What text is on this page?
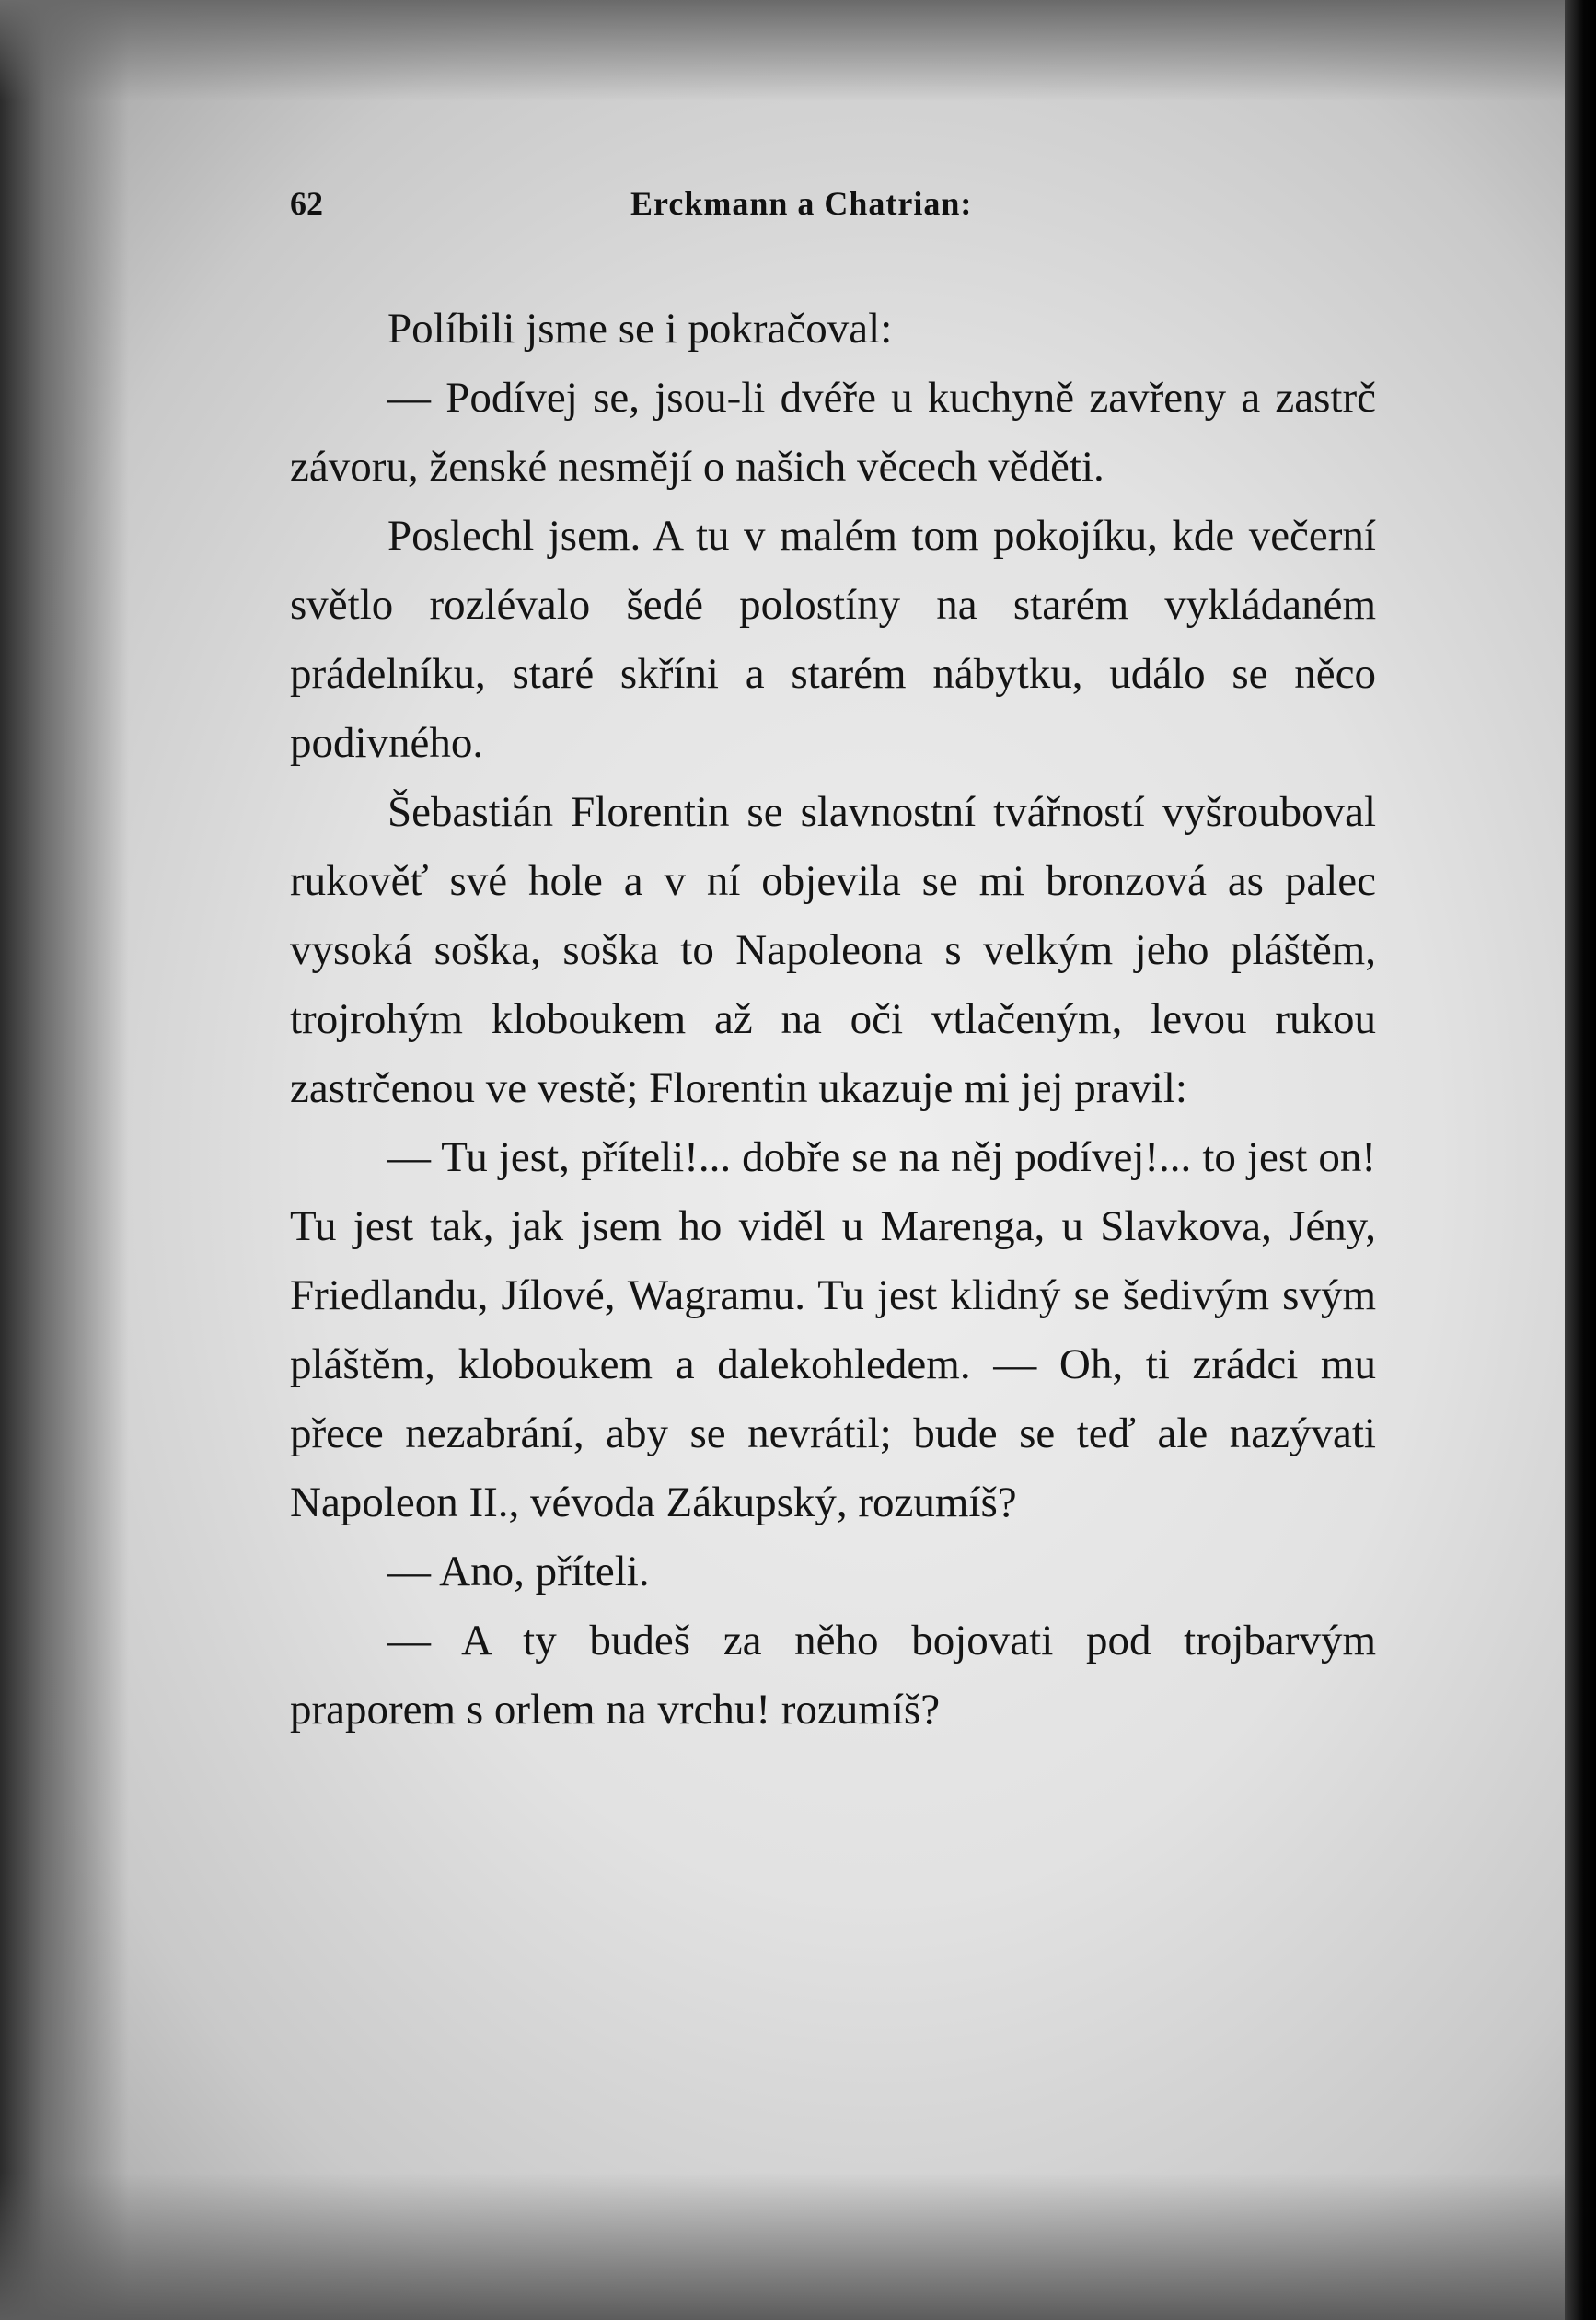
62	Erckmann a Chatrian:

Políbili jsme se i pokračoval:

— Podívej se, jsou-li dvéře u kuchyně zavřeny a zastrč závoru, ženské nesmějí o našich věcech věděti.

Poslechl jsem. A tu v malém tom pokojíku, kde večerní světlo rozlévalo šedé polostíny na starém vykládaném prádelníku, staré skříni a starém nábytku, událo se něco podivného.

Šebastián Florentin se slavnostní tvářností vyšrouboval rukověť své hole a v ní objevila se mi bronzová as palec vysoká soška, soška to Napoleona s velkým jeho pláštěm, trojrohým kloboukem až na oči vtlačeným, levou rukou zastrčenou ve vestě; Florentin ukazuje mi jej pravil:

— Tu jest, příteli!... dobře se na něj podívej!... to jest on! Tu jest tak, jak jsem ho viděl u Marenga, u Slavkova, Jény, Friedlandu, Jílové, Wagramu. Tu jest klidný se šedivým svým pláštěm, kloboukem a dalekohledem. — Oh, ti zrádci mu přece nezabrání, aby se nevrátil; bude se teď ale nazývati Napoleon II., vévoda Zákupský, rozumíš?

— Ano, příteli.

— A ty budeš za něho bojovati pod trojbarvým praporem s orlem na vrchu! rozumíš?
